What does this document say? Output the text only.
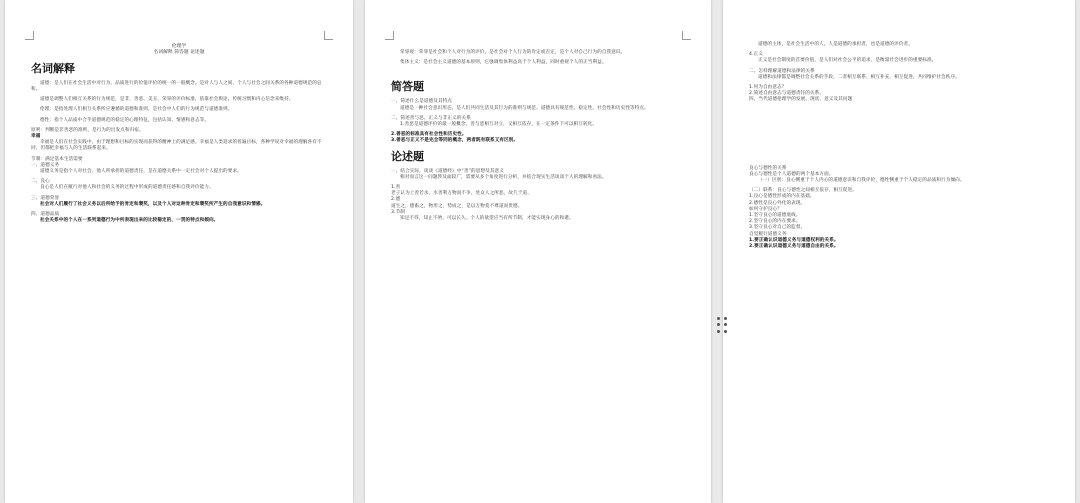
伦理学

名词解释 简答题 论述题

名词解释

道德：是人们在社会生活中对行为、品质进行的价值评价的统一的一般概念。是对人与人之间、个人与社会之间关系的各种道德规范的总和。

道德是调整人们相互关系的行为规范，是非、善恶、美丑、荣辱的评价标准，依靠社会舆论、传统习惯和内心信念来维持。

伦理：是指处理人们相互关系所应遵循的道德和准则，是社会中人们的行为规范与道德准则。

德性：指个人品质中合乎道德规范的稳定的心理特征，包括认知、情感和意志等。

原则：判断是非善恶的准则，是行为的出发点和归宿。

幸福

幸福是人们在社会实践中，由于理想和目标的实现而获得的精神上的满足感。幸福是人类追求的普遍目标，各种学说对幸福的理解各有不同，但都把幸福与人的生活联系起来。

节制：满足基本生活需要

一、道德义务

道德义务是指个人对社会、他人所承担的道德责任，是在道德关系中一定社会对个人提出的要求。

二、良心

良心是人们在履行对他人和社会的义务的过程中形成的道德责任感和自我评价能力。

三、道德荣誉

社会对人们履行了社会义务以后所给予的肯定和褒奖，以及个人对这种肯定和褒奖所产生的自我意识和情感。

四、道德品质

社会关系中的个人在一系列道德行为中所表现出来的比较稳定的、一贯的特点和倾向。

荣辱观：荣辱是社会和个人对行为的评价，是社会对个人行为的肯定或否定，是个人对自己行为的自我意识。

集体主义：是社会主义道德的基本原则，它强调集体利益高于个人利益，同时重视个人的正当利益。

简答题

一、简述什么是道德及其特点

道德是一种社会意识形态，是人们共同生活及其行为的准则与规范。道德具有规范性、稳定性、社会性和历史性等特点。

二、简述善与恶、正义与非正义的关系

1.善恶是道德评价的最一般概念，善与恶相互对立，又相互依存，在一定条件下可以相互转化。

2.善恶的标准具有社会性和历史性。

3.善恶与正义不是完全等同的概念，两者既有联系又有区别。

论述题

一、结合实际，谈谈《道德经》中“善”的思想及其意义

相对而言这一问题涉及面较广，需要从多个角度进行分析，并结合现实生活谈谈个人的理解和看法。

1.善

老子认为上善若水，水善利万物而不争，处众人之所恶，故几于道。

2.德

道生之，德畜之，物形之，势成之，是以万物莫不尊道而贵德。

3.节制

知足不辱，知止不殆，可以长久。个人的欲望应当有所节制，才能实现身心的和谐。

道德的主体，是社会生活中的人，人是道德的承担者，也是道德的评价者。

4.正义

正义是社会制度的首要价值，是人们对社会公平的追求，是衡量社会进步的重要标准。

二、怎样理解道德和法律的关系

道德和法律都是调整社会关系的手段，二者相互联系、相互补充、相互促进，共同维护社会秩序。

1.何为自由意志？

2.简述自由意志与道德责任的关系。

四、当代道德伦理学的发展、现状、意义及其问题

良心与德性的关系

良心与德性是个人道德的两个基本方面。

（一）区别：良心侧重于个人内心的道德意识和自我评价，德性侧重于个人稳定的品质和行为倾向。

（二）联系：良心与德性之间相互依存、相互促进。

1.良心是德性形成的内在基础。

2.德性是良心外化的表现。

如何守护良心？

1.坚守良心的道德底线。

2.坚守良心的内在要求。

3.坚守良心对自己的监督。

自觉履行道德义务

1.要正确认识道德义务与道德权利的关系。

2.要正确认识道德义务与道德自由的关系。
